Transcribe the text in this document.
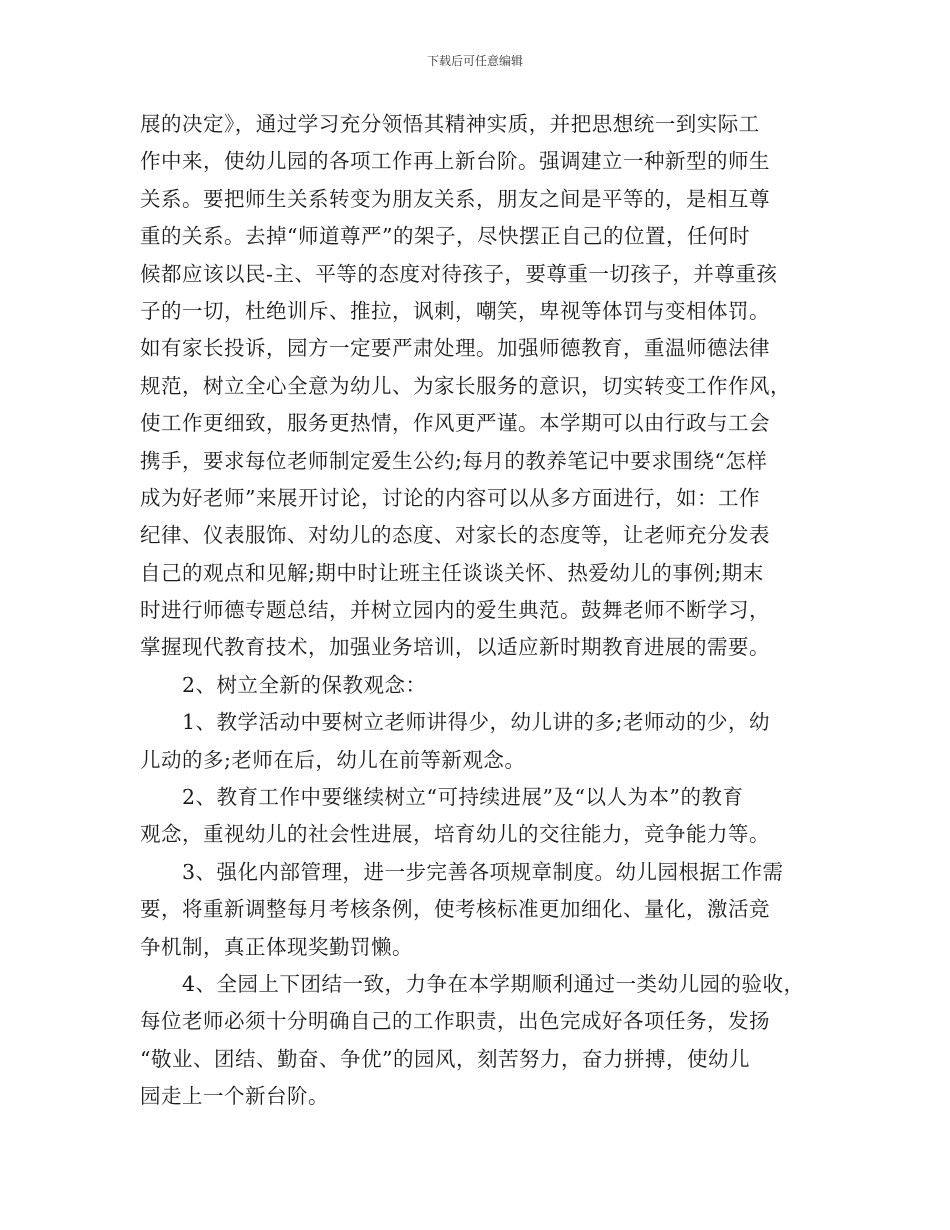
下载后可任意编辑
展的决定》，通过学习充分领悟其精神实质，并把思想统一到实际工
作中来，使幼儿园的各项工作再上新台阶。强调建立一种新型的师生
关系。要把师生关系转变为朋友关系，朋友之间是平等的，是相互尊
重的关系。去掉“师道尊严”的架子，尽快摆正自己的位置，任何时
候都应该以民-主、平等的态度对待孩子，要尊重一切孩子，并尊重孩
子的一切，杜绝训斥、推拉，讽刺，嘲笑，卑视等体罚与变相体罚。
如有家长投诉，园方一定要严肃处理。加强师德教育，重温师德法律
规范，树立全心全意为幼儿、为家长服务的意识，切实转变工作作风，
使工作更细致，服务更热情，作风更严谨。本学期可以由行政与工会
携手，要求每位老师制定爱生公约;每月的教养笔记中要求围绕“怎样
成为好老师”来展开讨论，讨论的内容可以从多方面进行，如：工作
纪律、仪表服饰、对幼儿的态度、对家长的态度等，让老师充分发表
自己的观点和见解;期中时让班主任谈谈关怀、热爱幼儿的事例;期末
时进行师德专题总结，并树立园内的爱生典范。鼓舞老师不断学习，
掌握现代教育技术，加强业务培训，以适应新时期教育进展的需要。
2、树立全新的保教观念：
1、教学活动中要树立老师讲得少，幼儿讲的多;老师动的少，幼
儿动的多;老师在后，幼儿在前等新观念。
2、教育工作中要继续树立“可持续进展”及“以人为本”的教育
观念，重视幼儿的社会性进展，培育幼儿的交往能力，竞争能力等。
3、强化内部管理，进一步完善各项规章制度。幼儿园根据工作需
要，将重新调整每月考核条例，使考核标准更加细化、量化，激活竞
争机制，真正体现奖勤罚懒。
4、全园上下团结一致，力争在本学期顺利通过一类幼儿园的验收，
每位老师必须十分明确自己的工作职责，出色完成好各项任务，发扬
“敬业、团结、勤奋、争优”的园风，刻苦努力，奋力拼搏，使幼儿
园走上一个新台阶。
